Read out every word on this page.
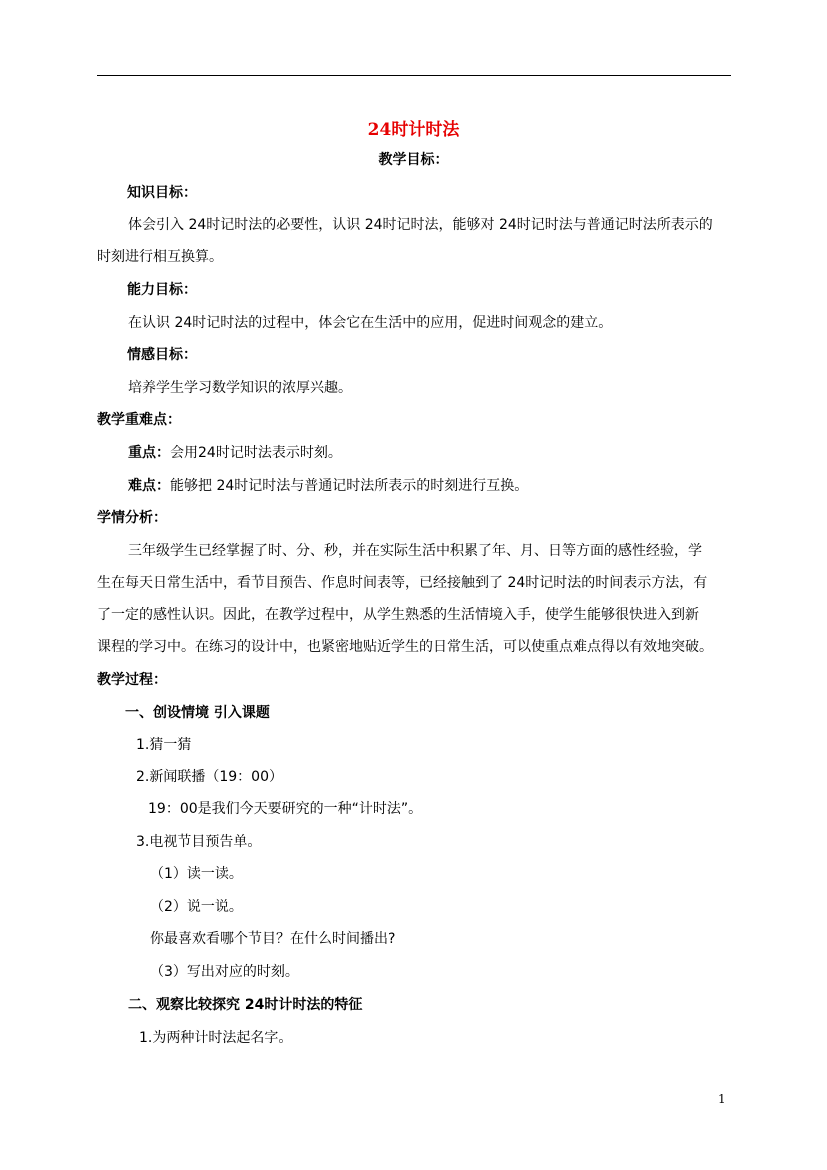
24时计时法
教学目标：
知识目标：
体会引入 24时记时法的必要性，认识 24时记时法，能够对 24时记时法与普通记时法所表示的
时刻进行相互换算。
能力目标：
在认识 24时记时法的过程中，体会它在生活中的应用，促进时间观念的建立。
情感目标：
培养学生学习数学知识的浓厚兴趣。
教学重难点：
重点：会用24时记时法表示时刻。
难点：能够把 24时记时法与普通记时法所表示的时刻进行互换。
学情分析：
三年级学生已经掌握了时、分、秒，并在实际生活中积累了年、月、日等方面的感性经验，学
生在每天日常生活中，看节目预告、作息时间表等，已经接触到了 24时记时法的时间表示方法，有
了一定的感性认识。因此，在教学过程中，从学生熟悉的生活情境入手，使学生能够很快进入到新
课程的学习中。在练习的设计中，也紧密地贴近学生的日常生活，可以使重点难点得以有效地突破。
教学过程：
一、创设情境 引入课题
1.猜一猜
2.新闻联播（19：00）
19：00是我们今天要研究的一种“计时法”。
3.电视节目预告单。
（1）读一读。
（2）说一说。
你最喜欢看哪个节目？在什么时间播出?
（3）写出对应的时刻。
二、观察比较探究 24时计时法的特征
1.为两种计时法起名字。
1
